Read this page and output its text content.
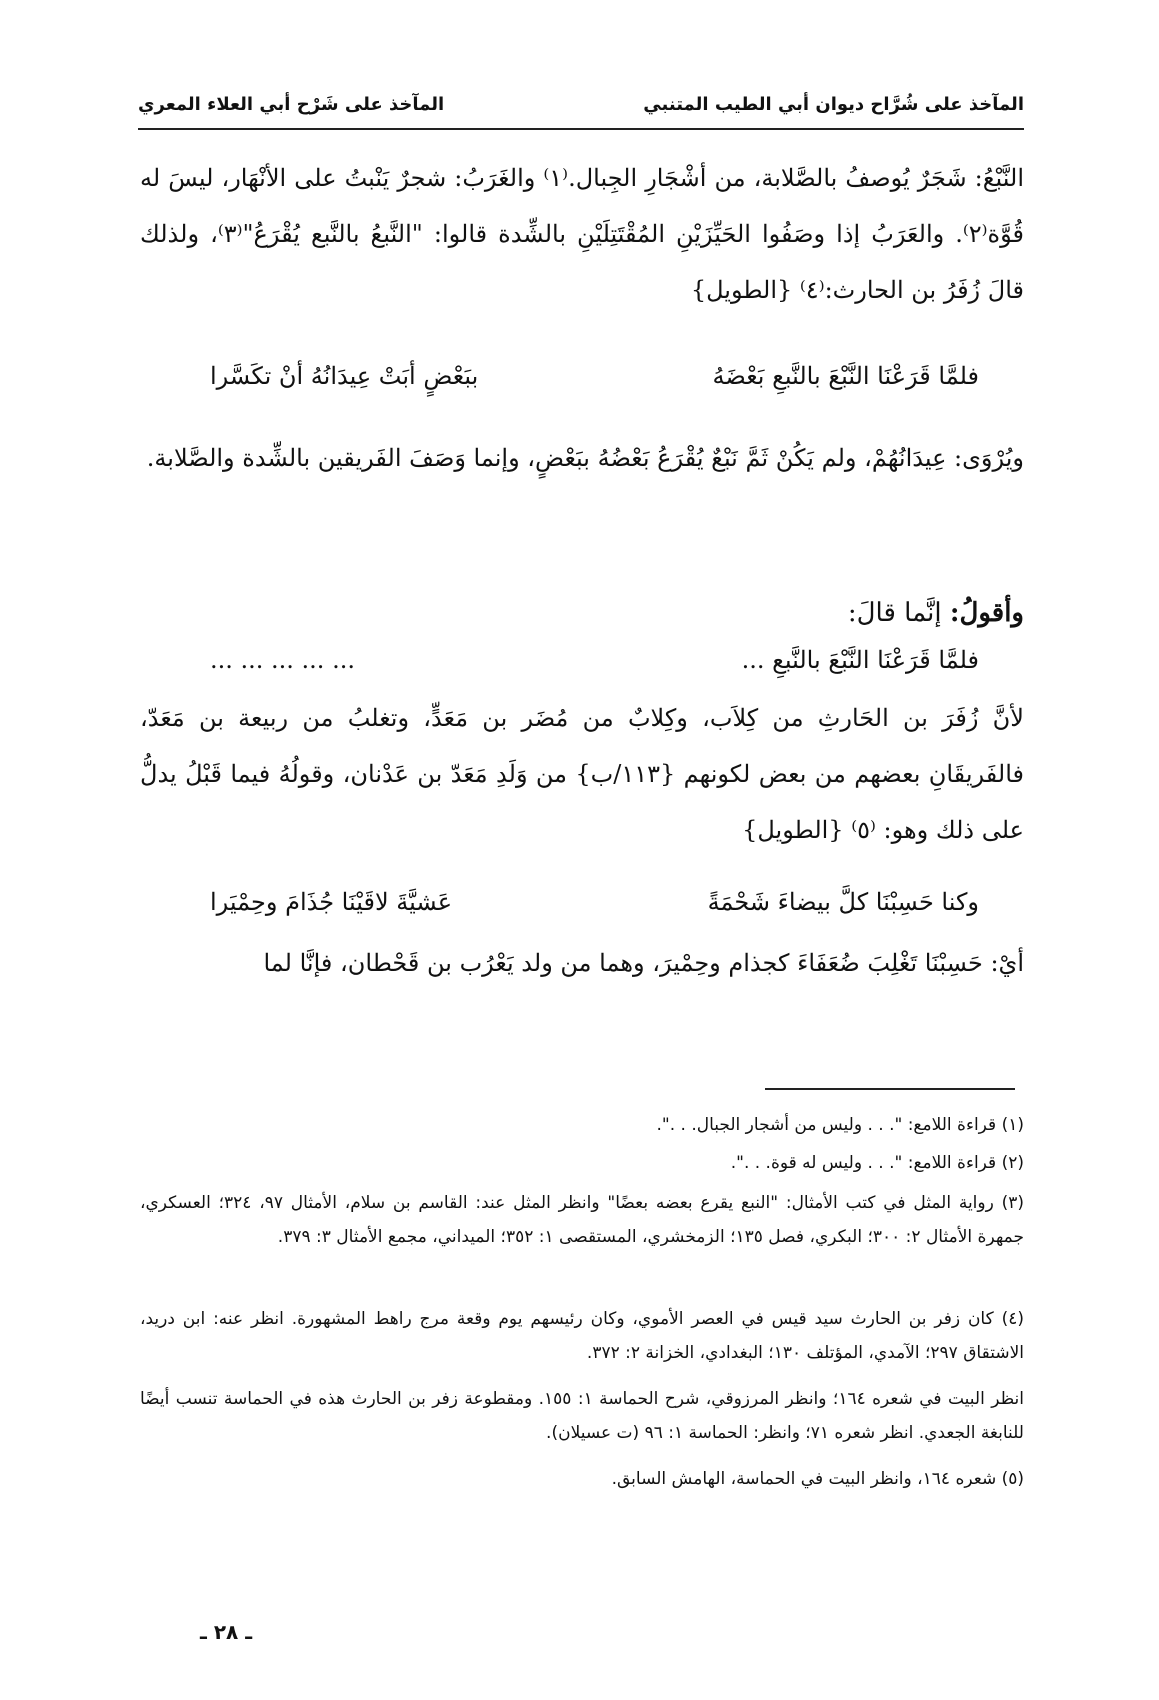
المآخذ على شُرَّاح ديوان أبي الطيب المتنبي
المآخذ على شَرْح أبي العلاء المعري
النَّبْعُ: شَجَرٌ يُوصفُ بالصَّلابة، من أشْجَارِ الجِبال.⁽١⁾ والغَرَبُ: شجرٌ يَنْبتُ على الأنْهَار، ليسَ له قُوَّة⁽٢⁾. والعَرَبُ إذا وصَفُوا الحَيِّزَيْنِ المُقْتَتِلَيْنِ بالشِّدة قالوا: "النَّبعُ بالنَّبع يُقْرَعُ"⁽٣⁾، ولذلك قالَ زُفَرُ بن الحارث:⁽٤⁾ {الطويل}
فلمَّا قَرَعْنَا النَّبْعَ بالنَّبعِ بَعْضَهُ
ببَعْضٍ أبَتْ عِيدَانُهُ أنْ تكَسَّرا
ويُرْوَى: عِيدَانُهُمْ، ولم يَكُنْ ثَمَّ نَبْعٌ يُقْرَعُ بَعْضُهُ ببَعْضٍ، وإنما وَصَفَ الفَريقين بالشِّدة والصَّلابة.
وأقولُ: إنَّما قالَ:
فلمَّا قَرَعْنَا النَّبْعَ بالنَّبعِ ...
... ... ... ... ...
لأنَّ زُفَرَ بن الحَارثِ من كِلاَب، وكِلابٌ من مُضَر بن مَعَدٍّ، وتغلبُ من ربيعة بن مَعَدّ، فالفَريقَانِ بعضهم من بعض لكونهم {١١٣/ب} من وَلَدِ مَعَدّ بن عَدْنان، وقولُهُ فيما قَبْلُ يدلُّ على ذلك وهو: ⁽٥⁾ {الطويل}
وكنا حَسِبْنَا كلَّ بيضاءَ شَحْمَةً
عَشيَّةَ لاقَيْنَا جُذَامَ وحِمْيَرا
أيْ: حَسِبْنَا تَغْلِبَ ضُعَفَاءَ كجذام وحِمْيرَ، وهما من ولد يَعْرُب بن قَحْطان، فإنَّا لما
(١) قراءة اللامع: ". . . وليس من أشجار الجبال. . .".
(٢) قراءة اللامع: ". . . وليس له قوة. . .".
(٣) رواية المثل في كتب الأمثال: "النبع يقرع بعضه بعضًا" وانظر المثل عند: القاسم بن سلام، الأمثال ٩٧، ٣٢٤؛ العسكري، جمهرة الأمثال ٢: ٣٠٠؛ البكري، فصل ١٣٥؛ الزمخشري، المستقصى ١: ٣٥٢؛ الميداني، مجمع الأمثال ٣: ٣٧٩.
(٤) كان زفر بن الحارث سيد قيس في العصر الأموي، وكان رئيسهم يوم وقعة مرج راهط المشهورة. انظر عنه: ابن دريد، الاشتقاق ٢٩٧؛ الآمدي، المؤتلف ١٣٠؛ البغدادي، الخزانة ٢: ٣٧٢.
انظر البيت في شعره ١٦٤؛ وانظر المرزوقي، شرح الحماسة ١: ١٥٥. ومقطوعة زفر بن الحارث هذه في الحماسة تنسب أيضًا للنابغة الجعدي. انظر شعره ٧١؛ وانظر: الحماسة ١: ٩٦ (ت عسيلان).
(٥) شعره ١٦٤، وانظر البيت في الحماسة، الهامش السابق.
ـ ٢٨ ـ
